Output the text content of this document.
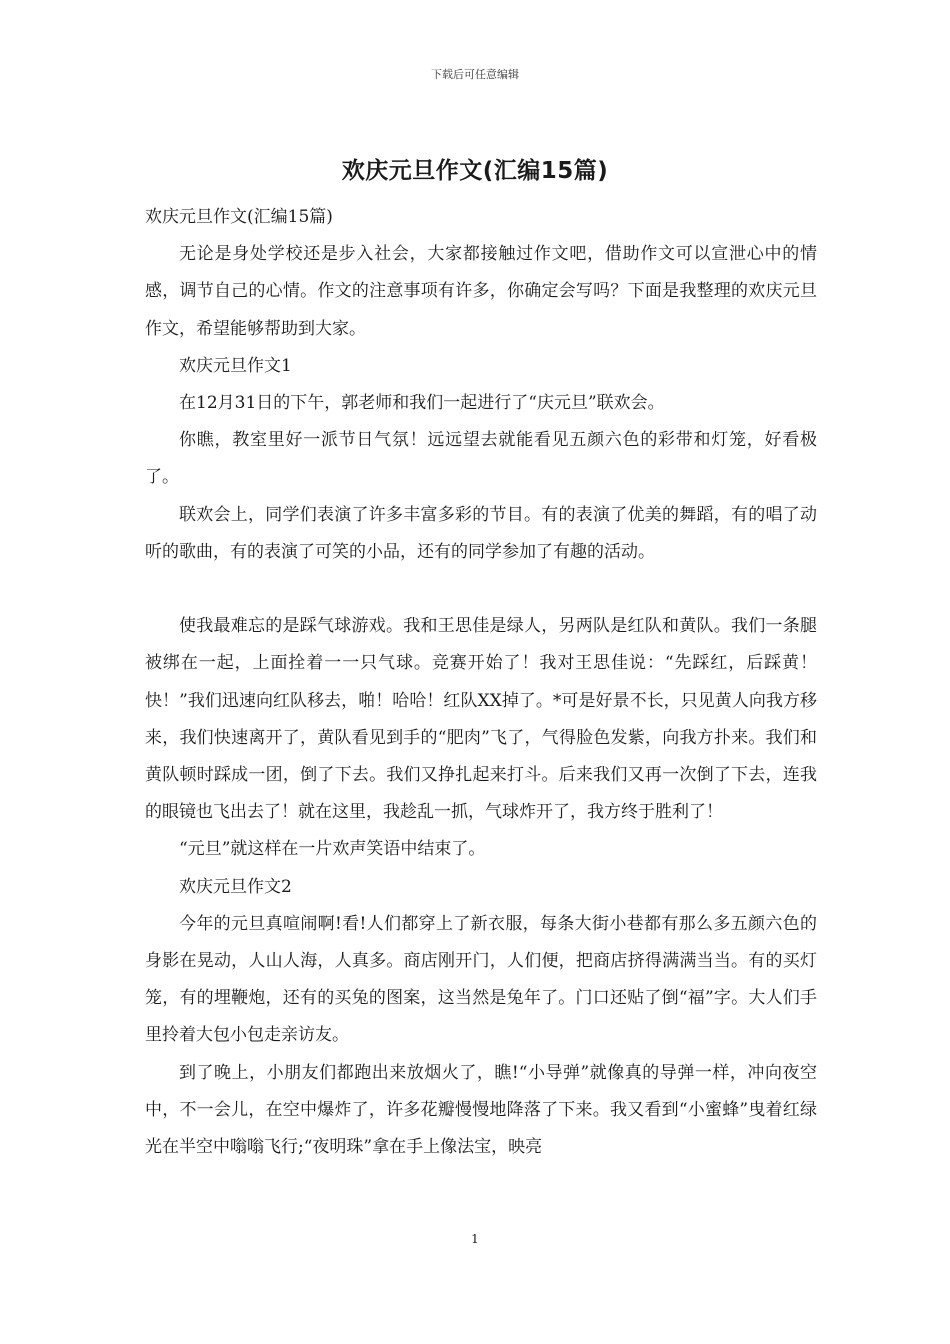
下载后可任意编辑
欢庆元旦作文(汇编15篇)

欢庆元旦作文(汇编15篇)

无论是身处学校还是步入社会，大家都接触过作文吧，借助作文可以宣泄心中的情感，调节自己的心情。作文的注意事项有许多，你确定会写吗？下面是我整理的欢庆元旦作文，希望能够帮助到大家。

欢庆元旦作文1

在12月31日的下午，郭老师和我们一起进行了“庆元旦”联欢会。

你瞧，教室里好一派节日气氛！远远望去就能看见五颜六色的彩带和灯笼，好看极了。

联欢会上，同学们表演了许多丰富多彩的节目。有的表演了优美的舞蹈，有的唱了动听的歌曲，有的表演了可笑的小品，还有的同学参加了有趣的活动。

使我最难忘的是踩气球游戏。我和王思佳是绿人，另两队是红队和黄队。我们一条腿被绑在一起，上面拴着一一只气球。竞赛开始了！我对王思佳说：“先踩红，后踩黄！快！”我们迅速向红队移去，啪！哈哈！红队XX掉了。*可是好景不长，只见黄人向我方移来，我们快速离开了，黄队看见到手的“肥肉”飞了，气得脸色发紫，向我方扑来。我们和黄队顿时踩成一团，倒了下去。我们又挣扎起来打斗。后来我们又再一次倒了下去，连我的眼镜也飞出去了！就在这里，我趁乱一抓，气球炸开了，我方终于胜利了！

“元旦”就这样在一片欢声笑语中结束了。

欢庆元旦作文2

今年的元旦真喧闹啊!看!人们都穿上了新衣服，每条大街小巷都有那么多五颜六色的身影在晃动，人山人海，人真多。商店刚开门，人们便，把商店挤得满满当当。有的买灯笼，有的埋鞭炮，还有的买兔的图案，这当然是兔年了。门口还贴了倒“福”字。大人们手里拎着大包小包走亲访友。

到了晚上，小朋友们都跑出来放烟火了，瞧!“小导弹”就像真的导弹一样，冲向夜空中，不一会儿，在空中爆炸了，许多花瓣慢慢地降落了下来。我又看到“小蜜蜂”曳着红绿光在半空中嗡嗡飞行;“夜明珠”拿在手上像法宝，映亮

1
